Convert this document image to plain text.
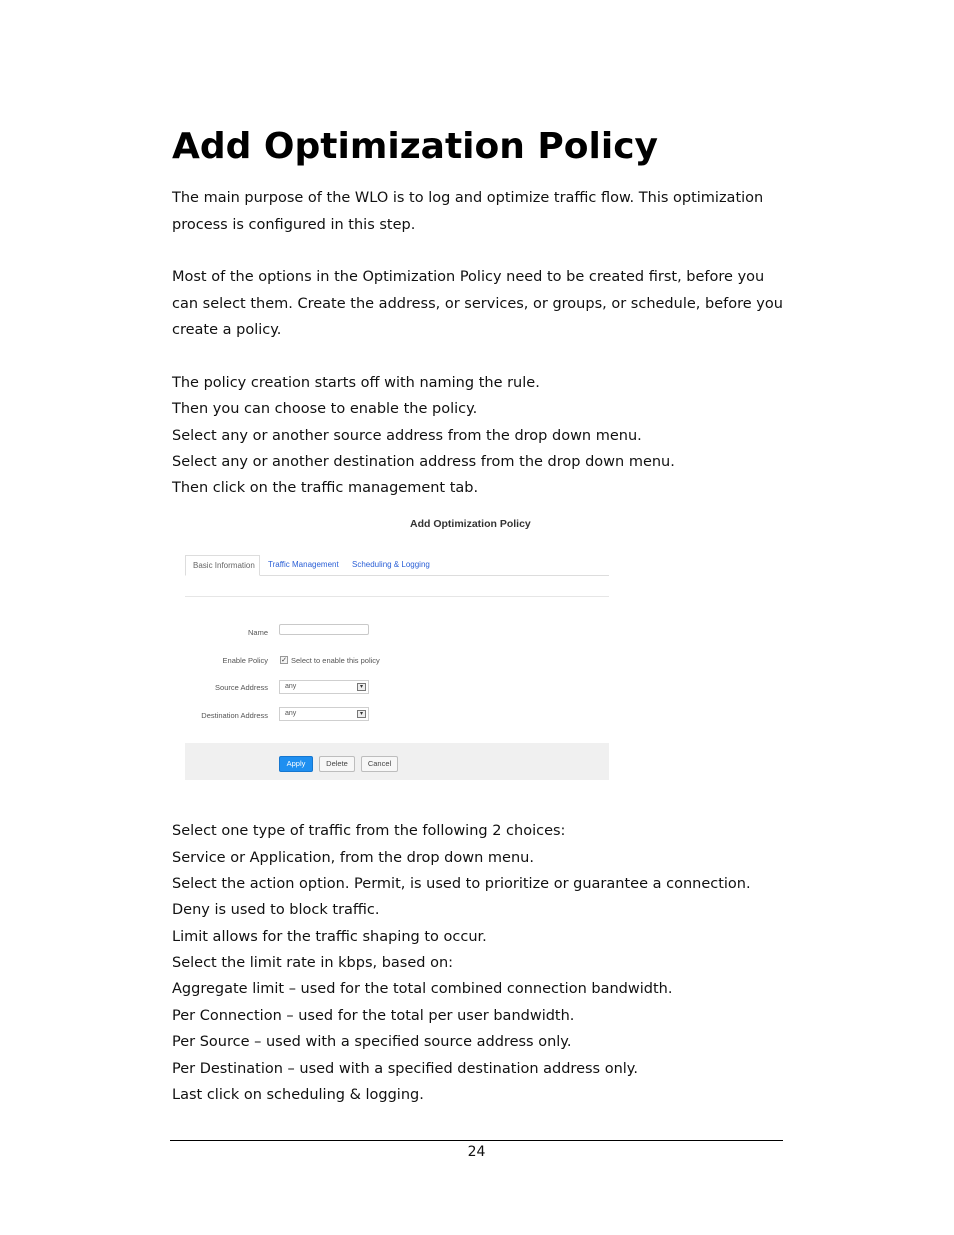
Add Optimization Policy

The main purpose of the WLO is to log and optimize traffic flow. This optimization

process is configured in this step.

Most of the options in the Optimization Policy need to be created first, before you

can select them. Create the address, or services, or groups, or schedule, before you

create a policy.

The policy creation starts off with naming the rule.

Then you can choose to enable the policy.

Select any or another source address from the drop down menu.

Select any or another destination address from the drop down menu.

Then click on the traffic management tab.

Add Optimization Policy
Basic Information	Traffic Management Scheduling & Logging
Name
Enable Policy ✓ Select to enable this policy
Source Address any	▾
Destination Address any	▾
Apply	Delete	Cancel

Select one type of traffic from the following 2 choices:

Service or Application, from the drop down menu.

Select the action option. Permit, is used to prioritize or guarantee a connection.

Deny is used to block traffic.

Limit allows for the traffic shaping to occur.

Select the limit rate in kbps, based on:

Aggregate limit – used for the total combined connection bandwidth.

Per Connection – used for the total per user bandwidth.

Per Source – used with a specified source address only.

Per Destination – used with a specified destination address only.

Last click on scheduling & logging.

24
